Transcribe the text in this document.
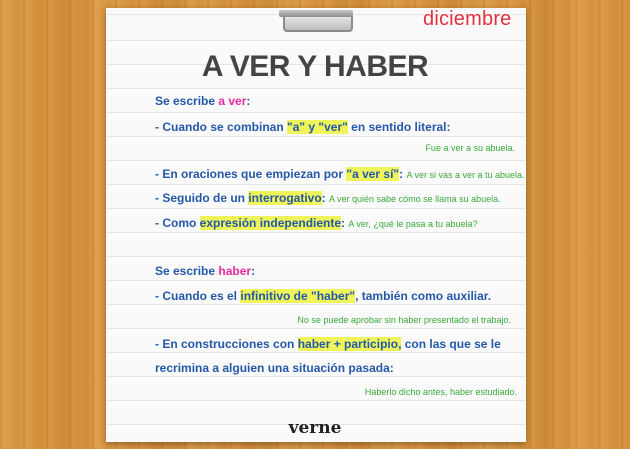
diciembre
A VER Y HABER
Se escribe a ver:
- Cuando se combinan "a" y "ver" en sentido literal:
Fue a ver a su abuela.
- En oraciones que empiezan por "a ver sí": A ver si vas a ver a tu abuela.
- Seguido de un interrogativo: A ver quién sabe cómo se llama su abuela.
- Como expresión independiente: A ver, ¿qué le pasa a tu abuela?
Se escribe haber:
- Cuando es el infinitivo de "haber", también como auxiliar.
No se puede aprobar sin haber presentado el trabajo.
- En construcciones con haber + participio, con las que se le
recrimina a alguien una situación pasada:
Haberlo dicho antes, haber estudiado.
verne
